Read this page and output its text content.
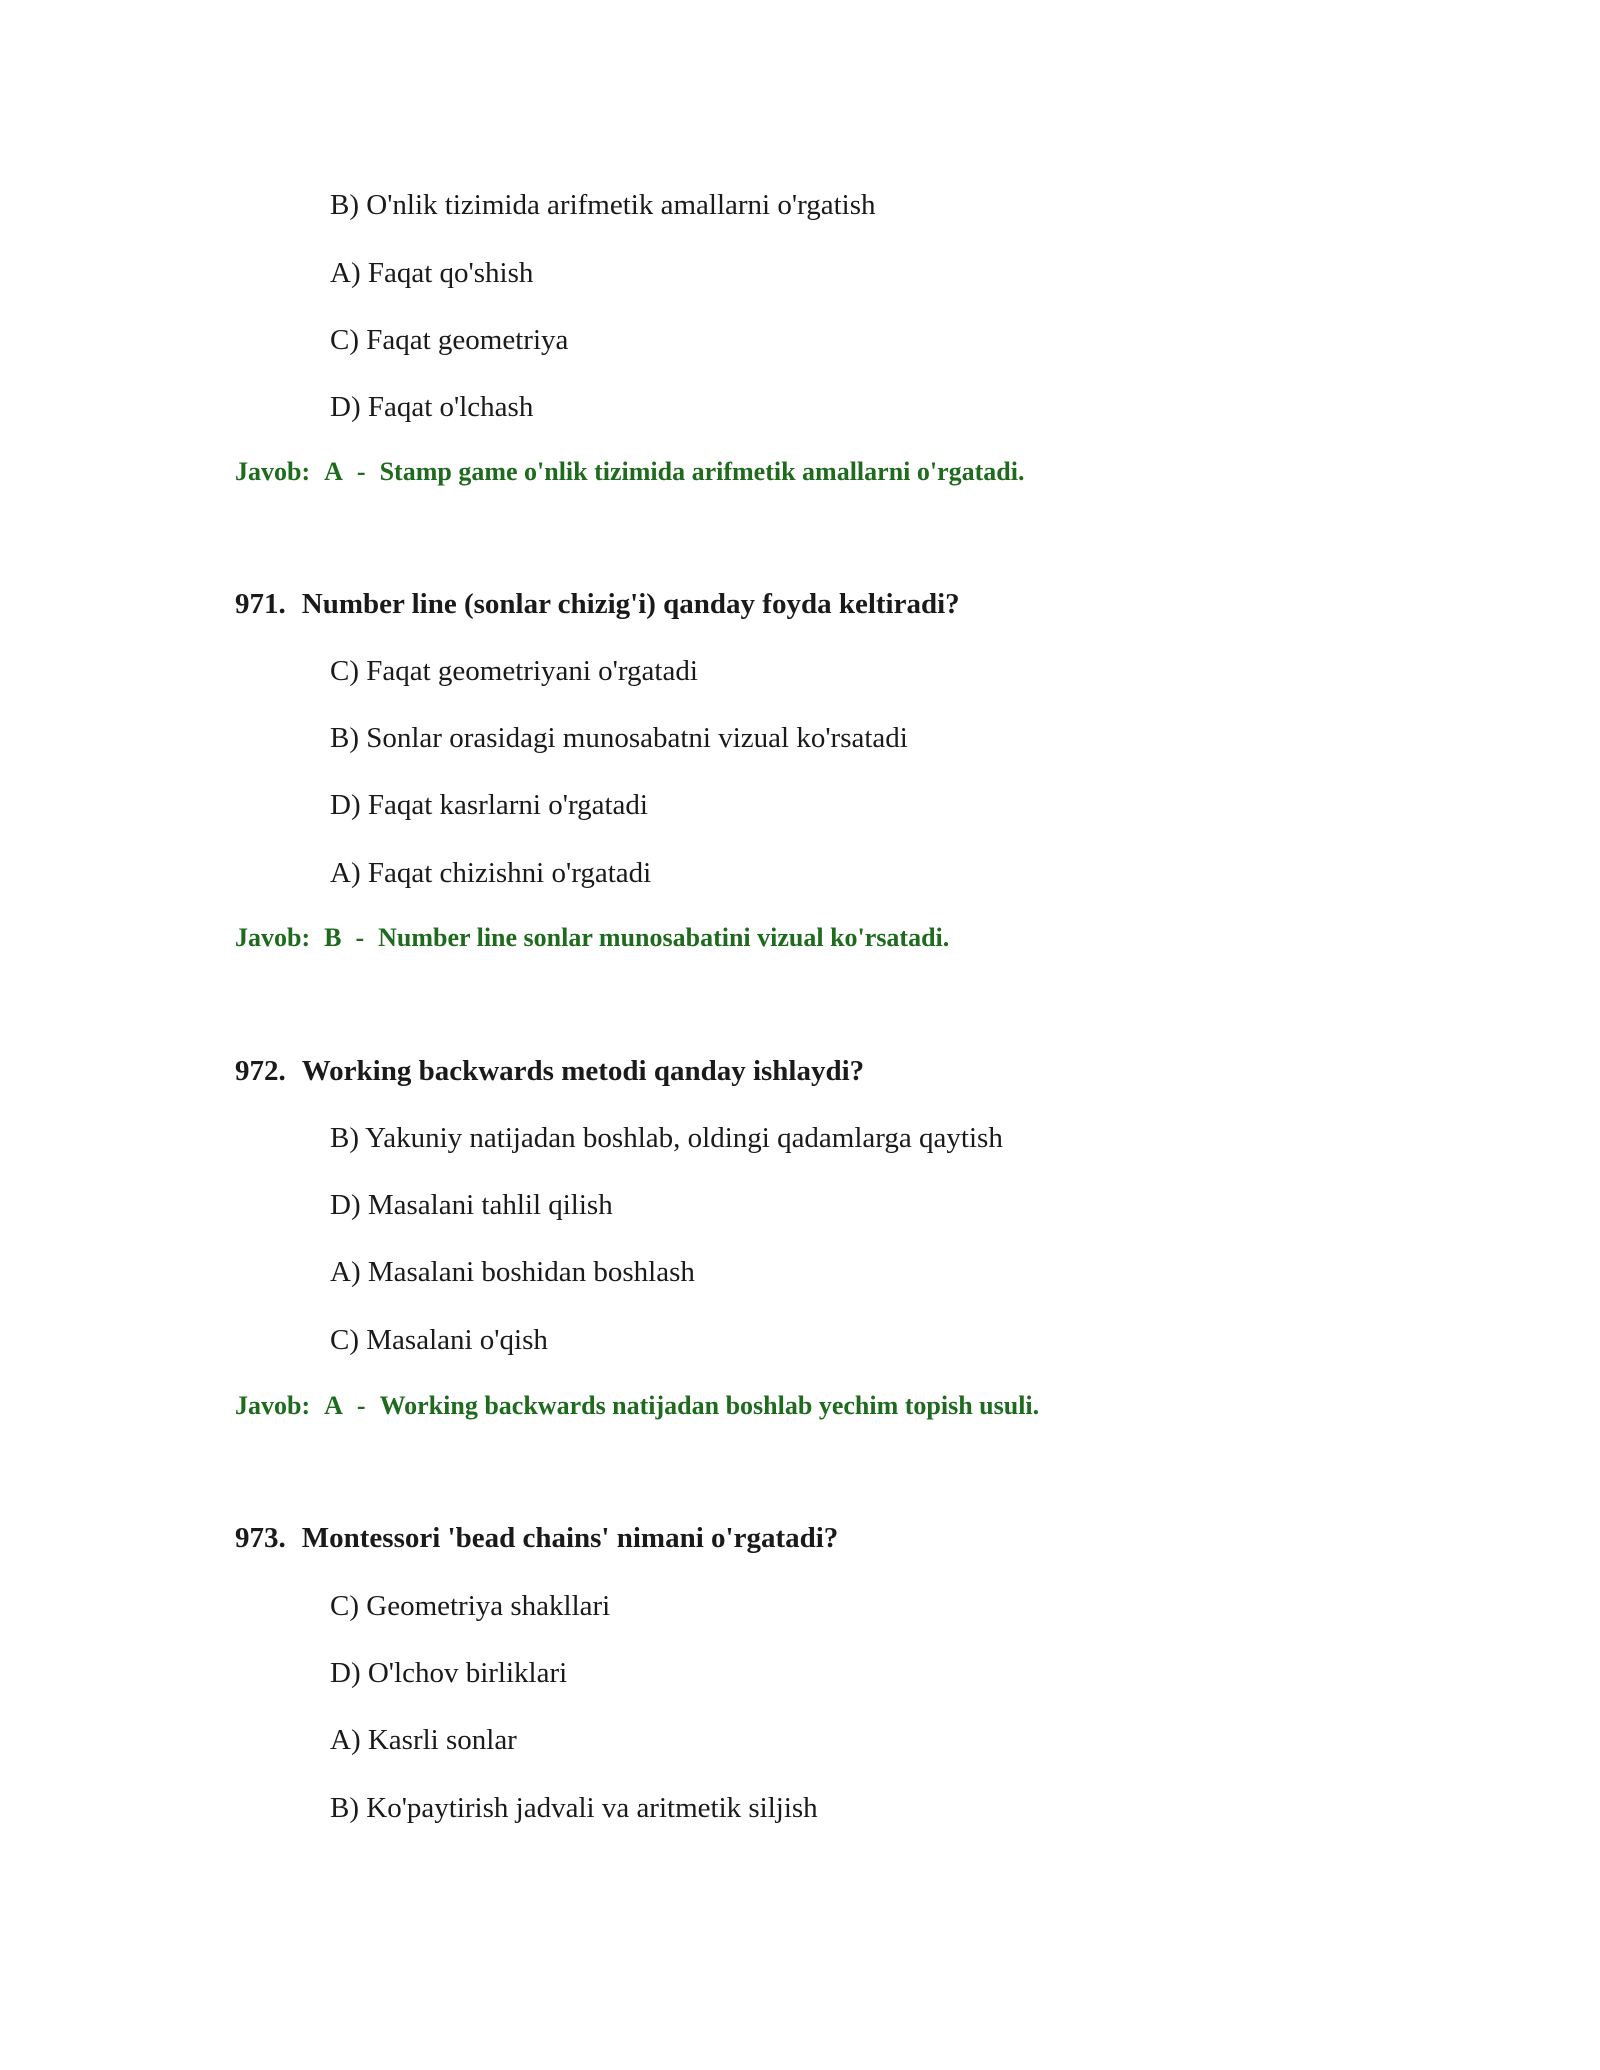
B) O'nlik tizimida arifmetik amallarni o'rgatish
A) Faqat qo'shish
C) Faqat geometriya
D) Faqat o'lchash
Javob: A - Stamp game o'nlik tizimida arifmetik amallarni o'rgatadi.
971. Number line (sonlar chizig'i) qanday foyda keltiradi?
C) Faqat geometriyani o'rgatadi
B) Sonlar orasidagi munosabatni vizual ko'rsatadi
D) Faqat kasrlarni o'rgatadi
A) Faqat chizishni o'rgatadi
Javob: B - Number line sonlar munosabatini vizual ko'rsatadi.
972. Working backwards metodi qanday ishlaydi?
B) Yakuniy natijadan boshlab, oldingi qadamlarga qaytish
D) Masalani tahlil qilish
A) Masalani boshidan boshlash
C) Masalani o'qish
Javob: A - Working backwards natijadan boshlab yechim topish usuli.
973. Montessori 'bead chains' nimani o'rgatadi?
C) Geometriya shakllari
D) O'lchov birliklari
A) Kasrli sonlar
B) Ko'paytirish jadvali va aritmetik siljish
